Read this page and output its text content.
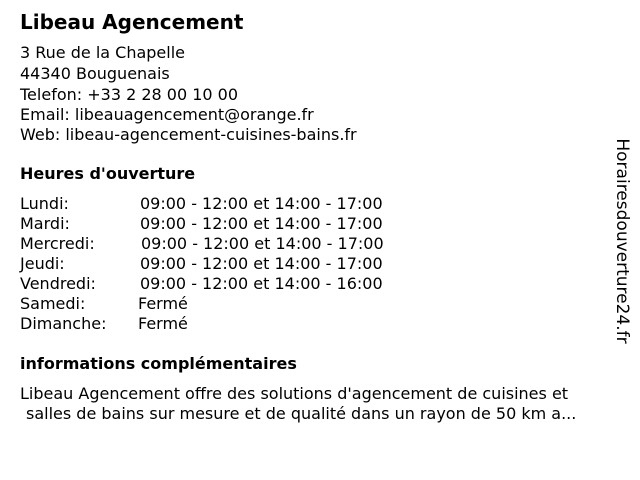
Libeau Agencement
3 Rue de la Chapelle
44340 Bouguenais
Telefon: +33 2 28 00 10 00
Email: libeauagencement@orange.fr
Web: libeau-agencement-cuisines-bains.fr
Heures d'ouverture
Lundi:	09:00 - 12:00 et 14:00 - 17:00
Mardi:	09:00 - 12:00 et 14:00 - 17:00
Mercredi:	09:00 - 12:00 et 14:00 - 17:00
Jeudi:	09:00 - 12:00 et 14:00 - 17:00
Vendredi:	09:00 - 12:00 et 14:00 - 16:00
Samedi:	Fermé
Dimanche: Fermé
informations complémentaires
Libeau Agencement offre des solutions d'agencement de cuisines et
salles de bains sur mesure et de qualité dans un rayon de 50 km a...
Horairesdouverture24.fr
